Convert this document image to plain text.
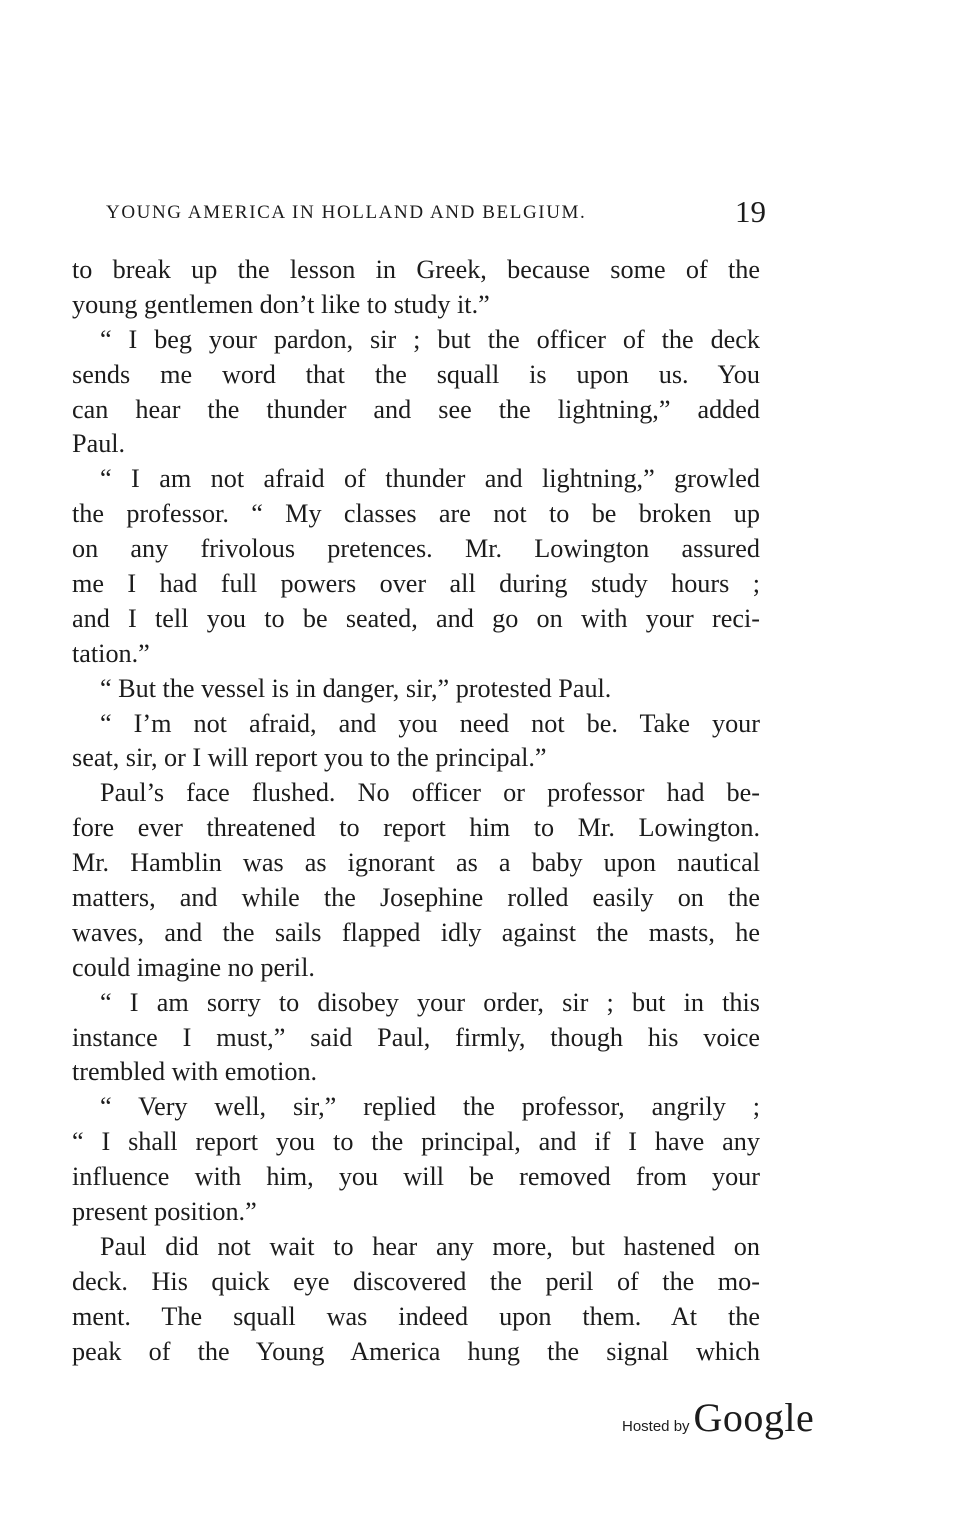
YOUNG AMERICA IN HOLLAND AND BELGIUM.	19
to break up the lesson in Greek, because some of the
young gentlemen don’t like to study it.”
“ I beg your pardon, sir ; but the officer of the deck
sends me word that the squall is upon us. You
can hear the thunder and see the lightning,” added
Paul.
“ I am not afraid of thunder and lightning,” growled
the professor. “ My classes are not to be broken up
on any frivolous pretences. Mr. Lowington assured
me I had full powers over all during study hours ;
and I tell you to be seated, and go on with your reci-
tation.”
“ But the vessel is in danger, sir,” protested Paul.
“ I’m not afraid, and you need not be. Take your
seat, sir, or I will report you to the principal.”
Paul’s face flushed. No officer or professor had be-
fore ever threatened to report him to Mr. Lowington.
Mr. Hamblin was as ignorant as a baby upon nautical
matters, and while the Josephine rolled easily on the
waves, and the sails flapped idly against the masts, he
could imagine no peril.
“ I am sorry to disobey your order, sir ; but in this
instance I must,” said Paul, firmly, though his voice
trembled with emotion.
“ Very well, sir,” replied the professor, angrily ;
“ I shall report you to the principal, and if I have any
influence with him, you will be removed from your
present position.”
Paul did not wait to hear any more, but hastened on
deck. His quick eye discovered the peril of the mo-
ment. The squall was indeed upon them. At the
peak of the Young America hung the signal which
Hosted by Google
